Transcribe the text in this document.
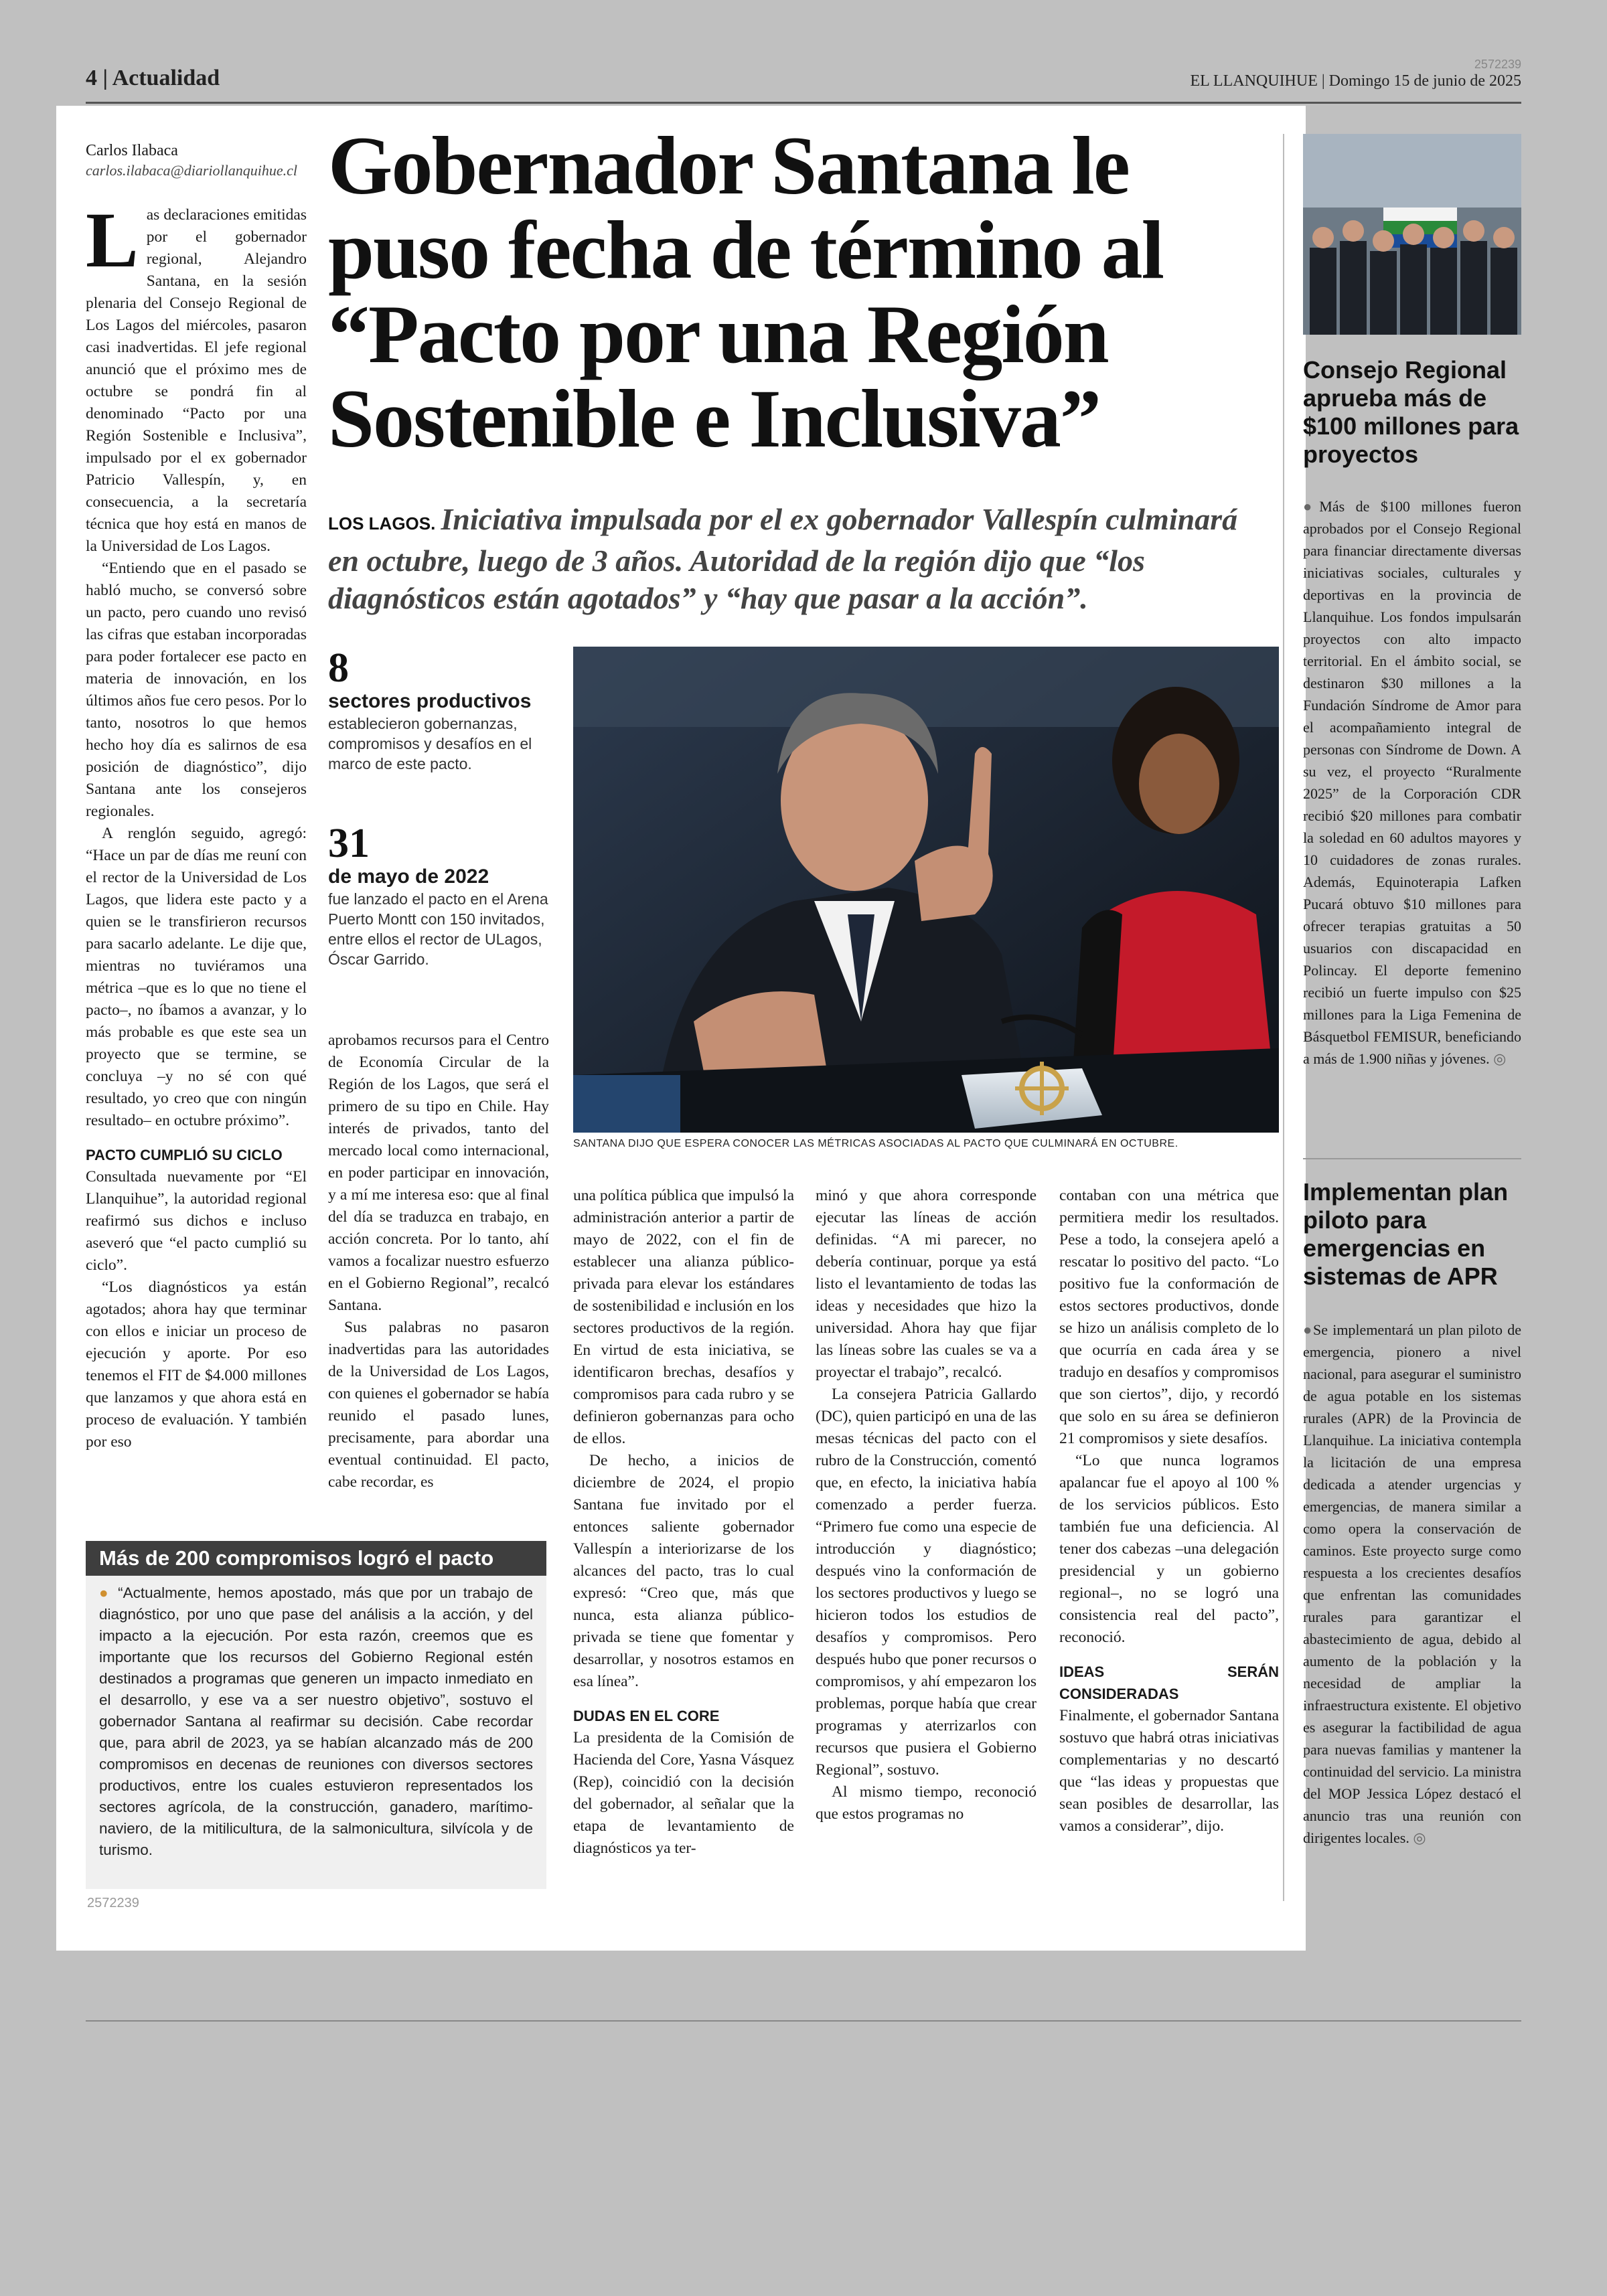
4 | Actualidad
2572239
EL LLANQUIHUE | Domingo 15 de junio de 2025
Carlos Ilabaca
carlos.ilabaca@diariollanquihue.cl Gobernador Santana le puso fecha de término al “Pacto por una Región Sostenible e Inclusiva”
LOS LAGOS. Iniciativa impulsada por el ex gobernador Vallespín culminará en octubre, luego de 3 años. Autoridad de la región dijo que “los diagnósticos están agotados” y “hay que pasar a la acción”.

Las declaraciones emitidas por el gobernador regional, Alejandro Santana, en la sesión plenaria del Consejo Regional de Los Lagos del miércoles, pasaron casi inadvertidas. El jefe regional anunció que el próximo mes de octubre se pondrá fin al denominado “Pacto por una Región Sostenible e Inclusiva”, impulsado por el ex gobernador Patricio Vallespín, y, en consecuencia, a la secretaría técnica que hoy está en manos de la Universidad de Los Lagos.

“Entiendo que en el pasado se habló mucho, se conversó sobre un pacto, pero cuando uno revisó las cifras que estaban incorporadas para poder fortalecer ese pacto en materia de innovación, en los últimos años fue cero pesos. Por lo tanto, nosotros lo que hemos hecho hoy día es salirnos de esa posición de diagnóstico”, dijo Santana ante los consejeros regionales.

A renglón seguido, agregó: “Hace un par de días me reuní con el rector de la Universidad de Los Lagos, que lidera este pacto y a quien se le transfirieron recursos para sacarlo adelante. Le dije que, mientras no tuviéramos una métrica –que es lo que no tiene el pacto–, no íbamos a avanzar, y lo más probable es que este sea un proyecto que se termine, se concluya –y no sé con qué resultado, yo creo que con ningún resultado– en octubre próximo”.

PACTO CUMPLIÓ SU CICLO

Consultada nuevamente por “El Llanquihue”, la autoridad regional reafirmó sus dichos e incluso aseveró que “el pacto cumplió su ciclo”.

“Los diagnósticos ya están agotados; ahora hay que terminar con ellos e iniciar un proceso de ejecución y aporte. Por eso tenemos el FIT de $4.000 millones que lanzamos y que ahora está en proceso de evaluación. Y también por eso

8
sectores productivos
establecieron gobernanzas, compromisos y desafíos en el marco de este pacto.
31
de mayo de 2022
fue lanzado el pacto en el Arena Puerto Montt con 150 invitados, entre ellos el rector de ULagos, Óscar Garrido.
SANTANA DIJO QUE ESPERA CONOCER LAS MÉTRICAS ASOCIADAS AL PACTO QUE CULMINARÁ EN OCTUBRE.

aprobamos recursos para el Centro de Economía Circular de la Región de los Lagos, que será el primero de su tipo en Chile. Hay interés de privados, tanto del mercado local como internacional, en poder participar en innovación, y a mí me interesa eso: que al final del día se traduzca en trabajo, en acción concreta. Por lo tanto, ahí vamos a focalizar nuestro esfuerzo en el Gobierno Regional”, recalcó Santana.

Sus palabras no pasaron inadvertidas para las autoridades de la Universidad de Los Lagos, con quienes el gobernador se había reunido el pasado lunes, precisamente, para abordar una eventual continuidad. El pacto, cabe recordar, es

una política pública que impulsó la administración anterior a partir de mayo de 2022, con el fin de establecer una alianza público-privada para elevar los estándares de sostenibilidad e inclusión en los sectores productivos de la región. En virtud de esta iniciativa, se identificaron brechas, desafíos y compromisos para cada rubro y se definieron gobernanzas para ocho de ellos.

De hecho, a inicios de diciembre de 2024, el propio Santana fue invitado por el entonces saliente gobernador Vallespín a interiorizarse de los alcances del pacto, tras lo cual expresó: “Creo que, más que nunca, esta alianza público-privada se tiene que fomentar y desarrollar, y nosotros estamos en esa línea”.

DUDAS EN EL CORE

La presidenta de la Comisión de Hacienda del Core, Yasna Vásquez (Rep), coincidió con la decisión del gobernador, al señalar que la etapa de levantamiento de diagnósticos ya ter-

minó y que ahora corresponde ejecutar las líneas de acción definidas. “A mi parecer, no debería continuar, porque ya está listo el levantamiento de todas las ideas y necesidades que hizo la universidad. Ahora hay que fijar las líneas sobre las cuales se va a proyectar el trabajo”, recalcó.

La consejera Patricia Gallardo (DC), quien participó en una de las mesas técnicas del pacto con el rubro de la Construcción, comentó que, en efecto, la iniciativa había comenzado a perder fuerza. “Primero fue como una especie de introducción y diagnóstico; después vino la conformación de los sectores productivos y luego se hicieron todos los estudios de desafíos y compromisos. Pero después hubo que poner recursos o compromisos, y ahí empezaron los problemas, porque había que crear programas y aterrizarlos con recursos que pusiera el Gobierno Regional”, sostuvo.

Al mismo tiempo, reconoció que estos programas no

contaban con una métrica que permitiera medir los resultados. Pese a todo, la consejera apeló a rescatar lo positivo del pacto. “Lo positivo fue la conformación de estos sectores productivos, donde se hizo un análisis completo de lo que ocurría en cada área y se tradujo en desafíos y compromisos que son ciertos”, dijo, y recordó que solo en su área se definieron 21 compromisos y siete desafíos.

“Lo que nunca logramos apalancar fue el apoyo al 100 % de los servicios públicos. Esto también fue una deficiencia. Al tener dos cabezas –una delegación presidencial y un gobierno regional–, no se logró una consistencia real del pacto”, reconoció.

IDEAS SERÁN CONSIDERADAS

Finalmente, el gobernador Santana sostuvo que habrá otras iniciativas complementarias y no descartó que “las ideas y propuestas que sean posibles de desarrollar, las vamos a considerar”, dijo.

Más de 200 compromisos logró el pacto
● “Actualmente, hemos apostado, más que por un trabajo de diagnóstico, por uno que pase del análisis a la acción, y del impacto a la ejecución. Por esta razón, creemos que es importante que los recursos del Gobierno Regional estén destinados a programas que generen un impacto inmediato en el desarrollo, y ese va a ser nuestro objetivo”, sostuvo el gobernador Santana al reafirmar su decisión. Cabe recordar que, para abril de 2023, ya se habían alcanzado más de 200 compromisos en decenas de reuniones con diversos sectores productivos, entre los cuales estuvieron representados los sectores agrícola, de la construcción, ganadero, marítimo-naviero, de la mitilicultura, de la salmonicultura, silvícola y de turismo.
2572239
Consejo Regional aprueba más de $100 millones para proyectos
●Más de $100 millones fueron aprobados por el Consejo Regional para financiar directamente diversas iniciativas sociales, culturales y deportivas en la provincia de Llanquihue. Los fondos impulsarán proyectos con alto impacto territorial. En el ámbito social, se destinaron $30 millones a la Fundación Síndrome de Amor para el acompañamiento integral de personas con Síndrome de Down. A su vez, el proyecto “Ruralmente 2025” de la Corporación CDR recibió $20 millones para combatir la soledad en 60 adultos mayores y 10 cuidadores de zonas rurales. Además, Equinoterapia Lafken Pucará obtuvo $10 millones para ofrecer terapias gratuitas a 50 usuarios con discapacidad en Polincay. El deporte femenino recibió un fuerte impulso con $25 millones para la Liga Femenina de Básquetbol FEMISUR, beneficiando a más de 1.900 niñas y jóvenes. ◎
Implementan plan piloto para emergencias en sistemas de APR
●Se implementará un plan piloto de emergencia, pionero a nivel nacional, para asegurar el suministro de agua potable en los sistemas rurales (APR) de la Provincia de Llanquihue. La iniciativa contempla la licitación de una empresa dedicada a atender urgencias y emergencias, de manera similar a como opera la conservación de caminos. Este proyecto surge como respuesta a los crecientes desafíos que enfrentan las comunidades rurales para garantizar el abastecimiento de agua, debido al aumento de la población y la necesidad de ampliar la infraestructura existente. El objetivo es asegurar la factibilidad de agua para nuevas familias y mantener la continuidad del servicio. La ministra del MOP Jessica López destacó el anuncio tras una reunión con dirigentes locales. ◎
